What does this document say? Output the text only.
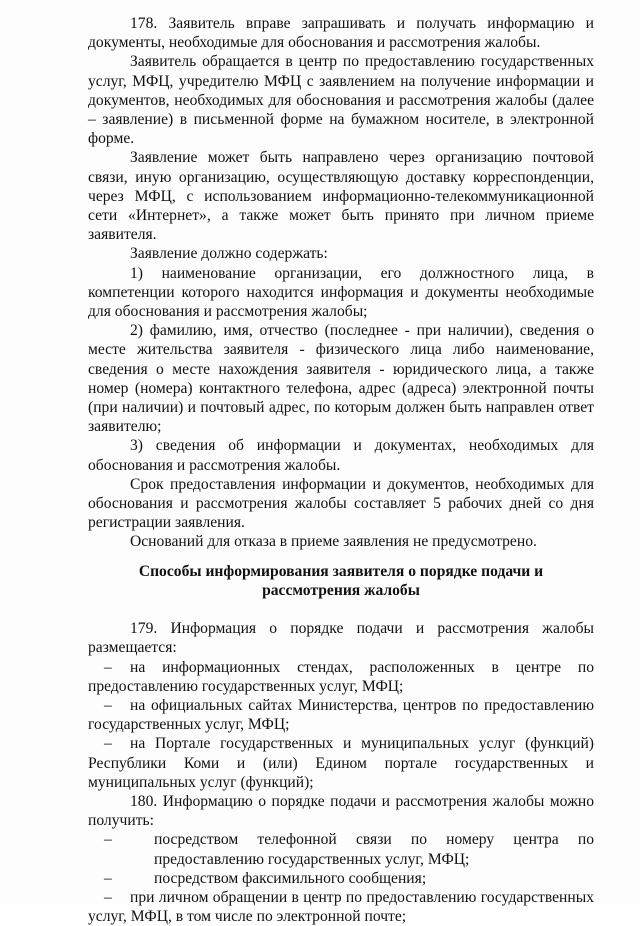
178. Заявитель вправе запрашивать и получать информацию и документы, необходимые для обоснования и рассмотрения жалобы.

Заявитель обращается в центр по предоставлению государственных услуг, МФЦ, учредителю МФЦ с заявлением на получение информации и документов, необходимых для обоснования и рассмотрения жалобы (далее – заявление) в письменной форме на бумажном носителе, в электронной форме.

Заявление может быть направлено через организацию почтовой связи, иную организацию, осуществляющую доставку корреспонденции, через МФЦ, с использованием информационно-телекоммуникационной сети «Интернет», а также может быть принято при личном приеме заявителя.

Заявление должно содержать:

1) наименование организации, его должностного лица, в компетенции которого находится информация и документы необходимые для обоснования и рассмотрения жалобы;

2) фамилию, имя, отчество (последнее - при наличии), сведения о месте жительства заявителя - физического лица либо наименование, сведения о месте нахождения заявителя - юридического лица, а также номер (номера) контактного телефона, адрес (адреса) электронной почты (при наличии) и почтовый адрес, по которым должен быть направлен ответ заявителю;

3) сведения об информации и документах, необходимых для обоснования и рассмотрения жалобы.

Срок предоставления информации и документов, необходимых для обоснования и рассмотрения жалобы составляет 5 рабочих дней со дня регистрации заявления.

Оснований для отказа в приеме заявления не предусмотрено.

Способы информирования заявителя о порядке подачи и рассмотрения жалобы

179. Информация о порядке подачи и рассмотрения жалобы размещается:

– на информационных стендах, расположенных в центре по предоставлению государственных услуг, МФЦ;

– на официальных сайтах Министерства, центров по предоставлению государственных услуг, МФЦ;

– на Портале государственных и муниципальных услуг (функций) Республики Коми и (или) Едином портале государственных и муниципальных услуг (функций);

180. Информацию о порядке подачи и рассмотрения жалобы можно получить:

–	посредством телефонной связи по номеру центра по предоставлению государственных услуг, МФЦ;
–	посредством факсимильного сообщения;

– при личном обращении в центр по предоставлению государственных услуг, МФЦ, в том числе по электронной почте;
